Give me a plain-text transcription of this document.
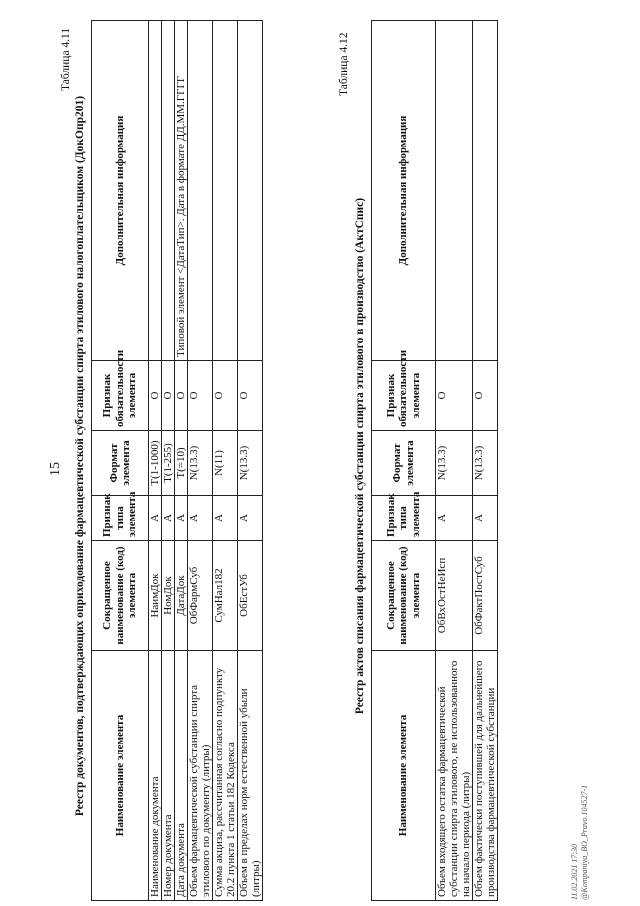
15
Таблица 4.11
Реестр документов, подтверждающих оприходование фармацевтической субстанции спирта этилового налогоплательщиком (ДокОпр201)	Наименование элемента	Сокращенное наименование (код) элемента	Признак типа элемента	Формат элемента	Признак обязательности элемента	Дополнительная информация
Наименование документа	НаимДок	А	Т(1-1000)	О	
Номер документа	НомДок	А	Т(1-255)	О	
Дата документа	ДатаДок	А	Т(=10)	О	Типовой элемент <ДатаТип>. Дата в формате ДД.ММ.ГГГГ
Объем фармацевтической субстанции спирта этилового по документу (литры)	ОбФармСуб	А	N(13.3)	О	
Сумма акциза, рассчитанная согласно подпункту 20.2 пункта 1 статьи 182 Кодекса	СумНал182	А	N(11)	О	
Объем в пределах норм естественной убыли (литры)	ОбЕстУб	А	N(13.3)	О	
Таблица 4.12
Реестр актов списания фармацевтической субстанции спирта этилового в производство (АктСпис)
Наименование элемента	Сокращенное наименование (код) элемента	Признак типа элемента	Формат элемента	Признак обязательности элемента	Дополнительная информация
Объем входящего остатка фармацевтической субстанции спирта этилового, не использованного на начало периода (литры)	ОбВхОстНеИсп	А	N(13.3)	О	
Объем фактически поступившей для дальнейшего производства фармацевтической субстанции	ОбФактПостСуб	А	N(13.3)	О	
11.02.2021 17:30 @Kompaniya_BO_Pravo.104527-1
